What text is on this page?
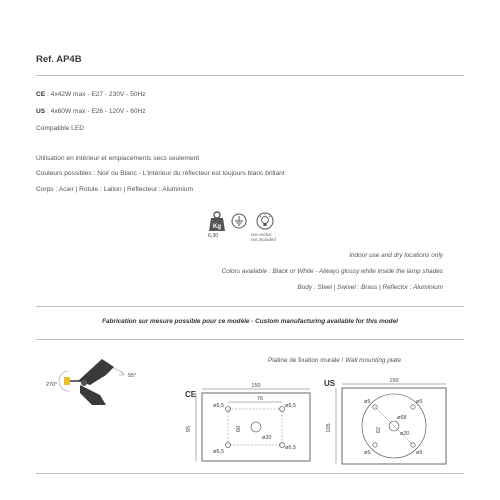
Ref. AP4B
CE : 4x42W max - E27 - 230V - 50Hz
US : 4x60W max - E26 - 120V - 60Hz
Compatible LED
Utilisation en intérieur et emplacements secs seulement
Couleurs possibles : Noir ou Blanc - L'intérieur du réflecteur est toujours blanc brillant
Corps : Acier | Rotule : Laiton | Réflecteur : Aluminium
Kg
6,30	non inclus
not included
Indoor use and dry locations only
Colors available : Black or White - Always glossy white inside the lamp shades
Body : Steel | Swivel : Brass | Reflector : Aluminium
Fabrication sur mesure possible pour ce modèle - Custom manufacturing available for this model
270°
55°
Platine de fixation murale / Wall mounting plate
CE
150
95
76
60
ø6,5	ø6,5
ø6,5
ø6,5
ø20
US	150
105	62
ø68
ø5	ø5
ø5	ø5
ø20
